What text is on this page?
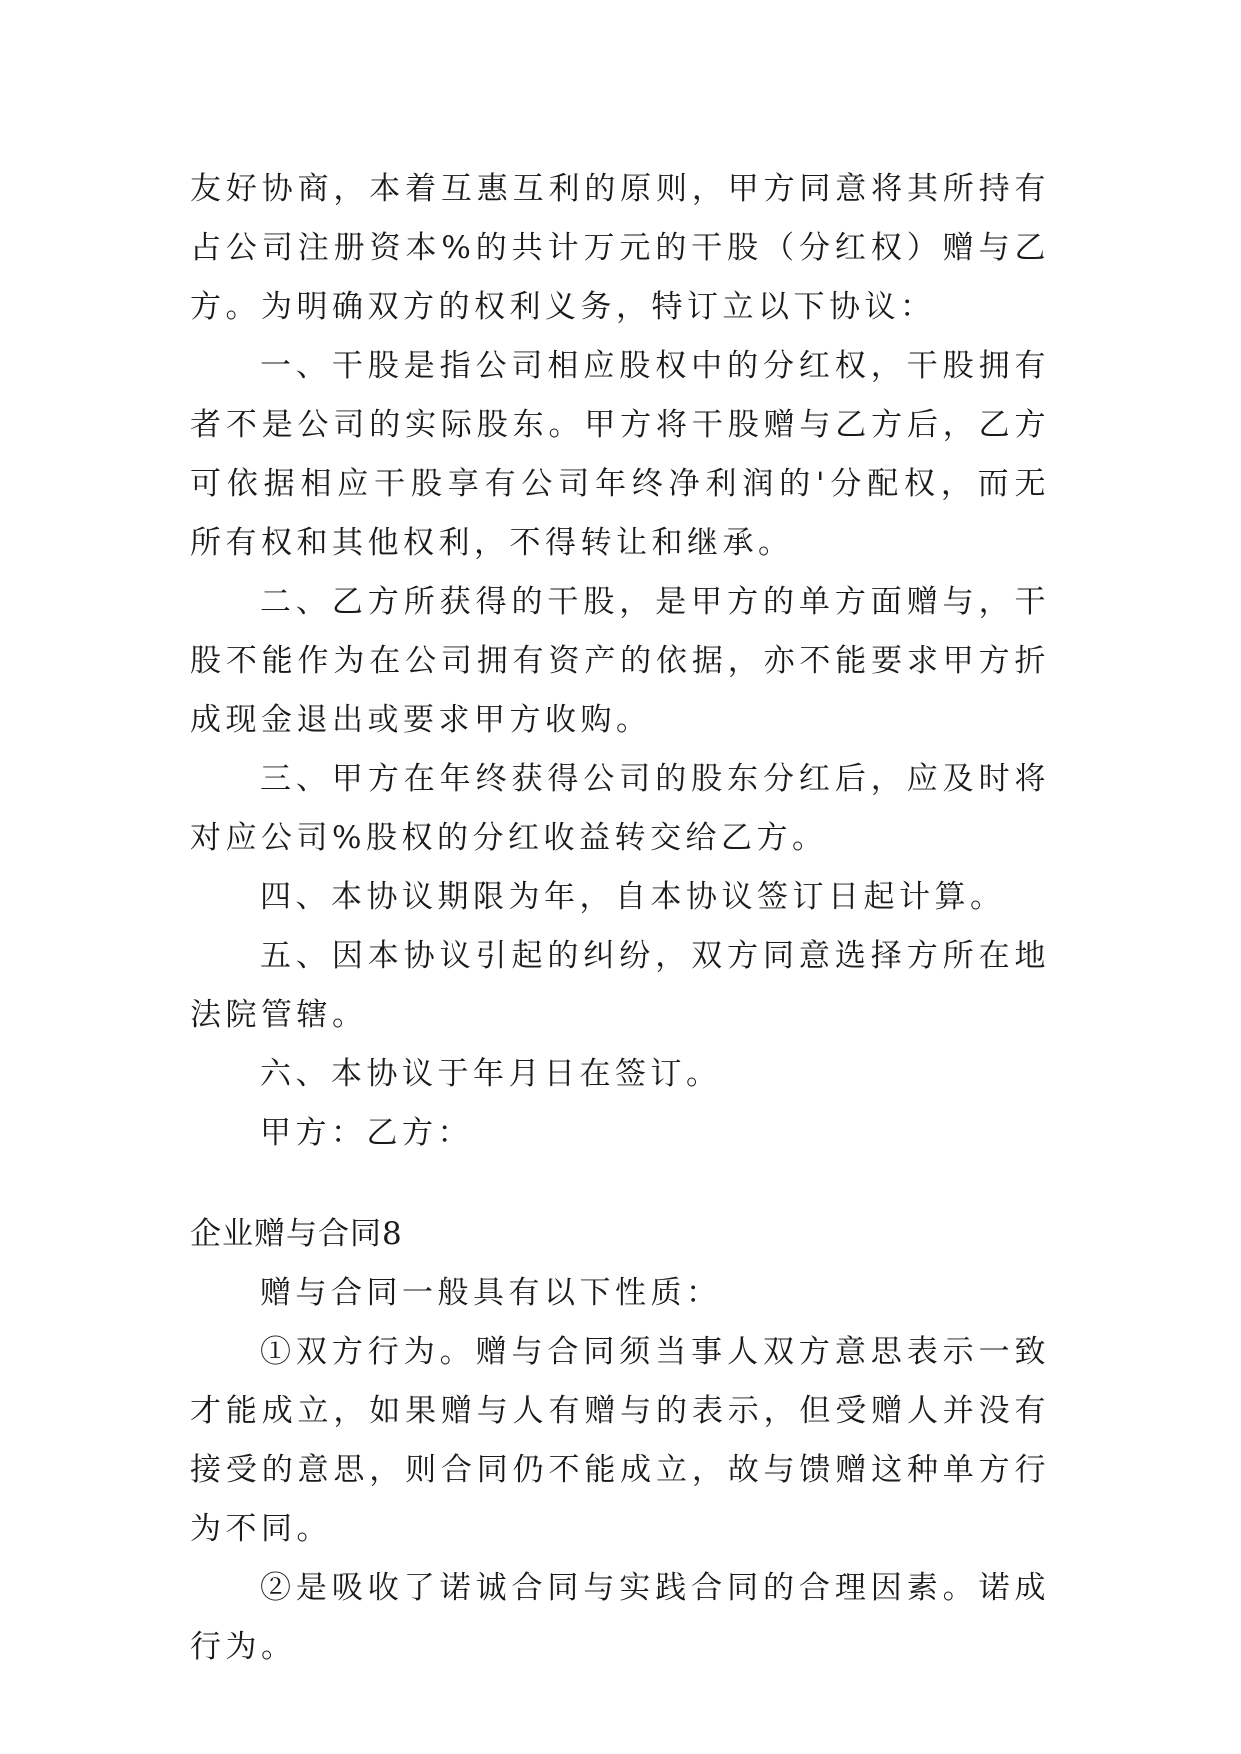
友好协商，本着互惠互利的原则，甲方同意将其所持有占公司注册资本%的共计万元的干股（分红权）赠与乙方。为明确双方的权利义务，特订立以下协议：

一、干股是指公司相应股权中的分红权，干股拥有者不是公司的实际股东。甲方将干股赠与乙方后，乙方可依据相应干股享有公司年终净利润的'分配权，而无所有权和其他权利，不得转让和继承。

二、乙方所获得的干股，是甲方的单方面赠与，干股不能作为在公司拥有资产的依据，亦不能要求甲方折成现金退出或要求甲方收购。

三、甲方在年终获得公司的股东分红后，应及时将对应公司%股权的分红收益转交给乙方。

四、本协议期限为年，自本协议签订日起计算。

五、因本协议引起的纠纷，双方同意选择方所在地法院管辖。

六、本协议于年月日在签订。

甲方：乙方：

企业赠与合同8

赠与合同一般具有以下性质：

①双方行为。赠与合同须当事人双方意思表示一致才能成立，如果赠与人有赠与的表示，但受赠人并没有接受的意思，则合同仍不能成立，故与馈赠这种单方行为不同。

②是吸收了诺诚合同与实践合同的合理因素。诺成行为。
